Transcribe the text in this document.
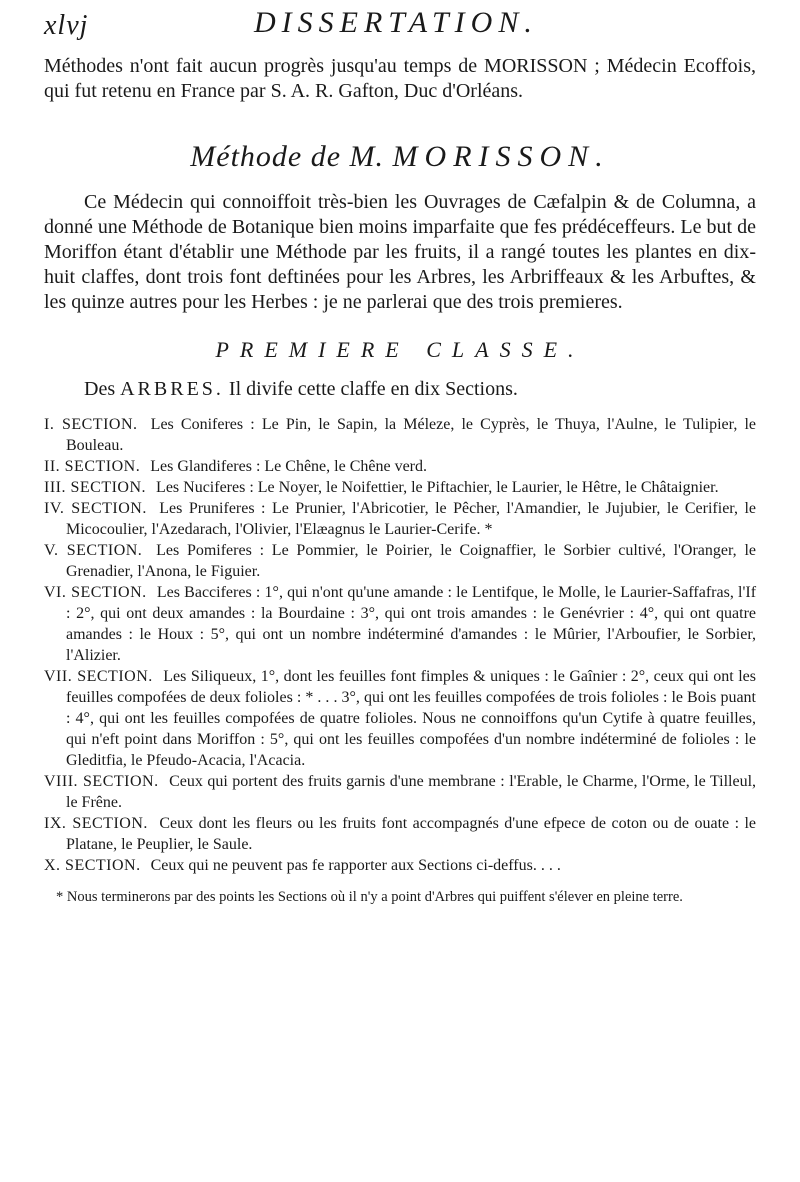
xlvj	DISSERTATION.

Méthodes n'ont fait aucun progrès jusqu'au temps de MORISSON ; Médecin Ecoffois, qui fut retenu en France par S. A. R. Gafton, Duc d'Orléans.

Méthode de M. MORISSON.

Ce Médecin qui connoiffoit très-bien les Ouvrages de Cæfalpin & de Columna, a donné une Méthode de Botanique bien moins imparfaite que fes prédéceffeurs. Le but de Moriffon étant d'établir une Méthode par les fruits, il a rangé toutes les plantes en dix-huit claffes, dont trois font deftinées pour les Arbres, les Arbriffeaux & les Arbuftes, & les quinze autres pour les Herbes : je ne parlerai que des trois premieres.

PREMIERE CLASSE.

Des ARBRES. Il divife cette claffe en dix Sections.

I. SECTION. Les Coniferes : Le Pin, le Sapin, la Méleze, le Cyprès, le Thuya, l'Aulne, le Tulipier, le Bouleau.

II. SECTION. Les Glandiferes : Le Chêne, le Chêne verd.

III. SECTION. Les Nuciferes : Le Noyer, le Noifettier, le Piftachier, le Laurier, le Hêtre, le Châtaignier.

IV. SECTION. Les Pruniferes : Le Prunier, l'Abricotier, le Pêcher, l'Amandier, le Jujubier, le Cerifier, le Micocoulier, l'Azedarach, l'Olivier, l'Elæagnus le Laurier-Cerife. *

V. SECTION. Les Pomiferes : Le Pommier, le Poirier, le Coignaffier, le Sorbier cultivé, l'Oranger, le Grenadier, l'Anona, le Figuier.

VI. SECTION. Les Bacciferes : 1°, qui n'ont qu'une amande : le Lentifque, le Molle, le Laurier-Saffafras, l'If : 2°, qui ont deux amandes : la Bourdaine : 3°, qui ont trois amandes : le Genévrier : 4°, qui ont quatre amandes : le Houx : 5°, qui ont un nombre indéterminé d'amandes : le Mûrier, l'Arboufier, le Sorbier, l'Alizier.

VII. SECTION. Les Siliqueux, 1°, dont les feuilles font fimples & uniques : le Gaînier : 2°, ceux qui ont les feuilles compofées de deux folioles : * . . . 3°, qui ont les feuilles compofées de trois folioles : le Bois puant : 4°, qui ont les feuilles compofées de quatre folioles. Nous ne connoiffons qu'un Cytife à quatre feuilles, qui n'eft point dans Moriffon : 5°, qui ont les feuilles compofées d'un nombre indéterminé de folioles : le Gleditfia, le Pfeudo-Acacia, l'Acacia.

VIII. SECTION. Ceux qui portent des fruits garnis d'une membrane : l'Erable, le Charme, l'Orme, le Tilleul, le Frêne.

IX. SECTION. Ceux dont les fleurs ou les fruits font accompagnés d'une efpece de coton ou de ouate : le Platane, le Peuplier, le Saule.

X. SECTION. Ceux qui ne peuvent pas fe rapporter aux Sections ci-deffus. . . .

* Nous terminerons par des points les Sections où il n'y a point d'Arbres qui puiffent s'élever en pleine terre.
